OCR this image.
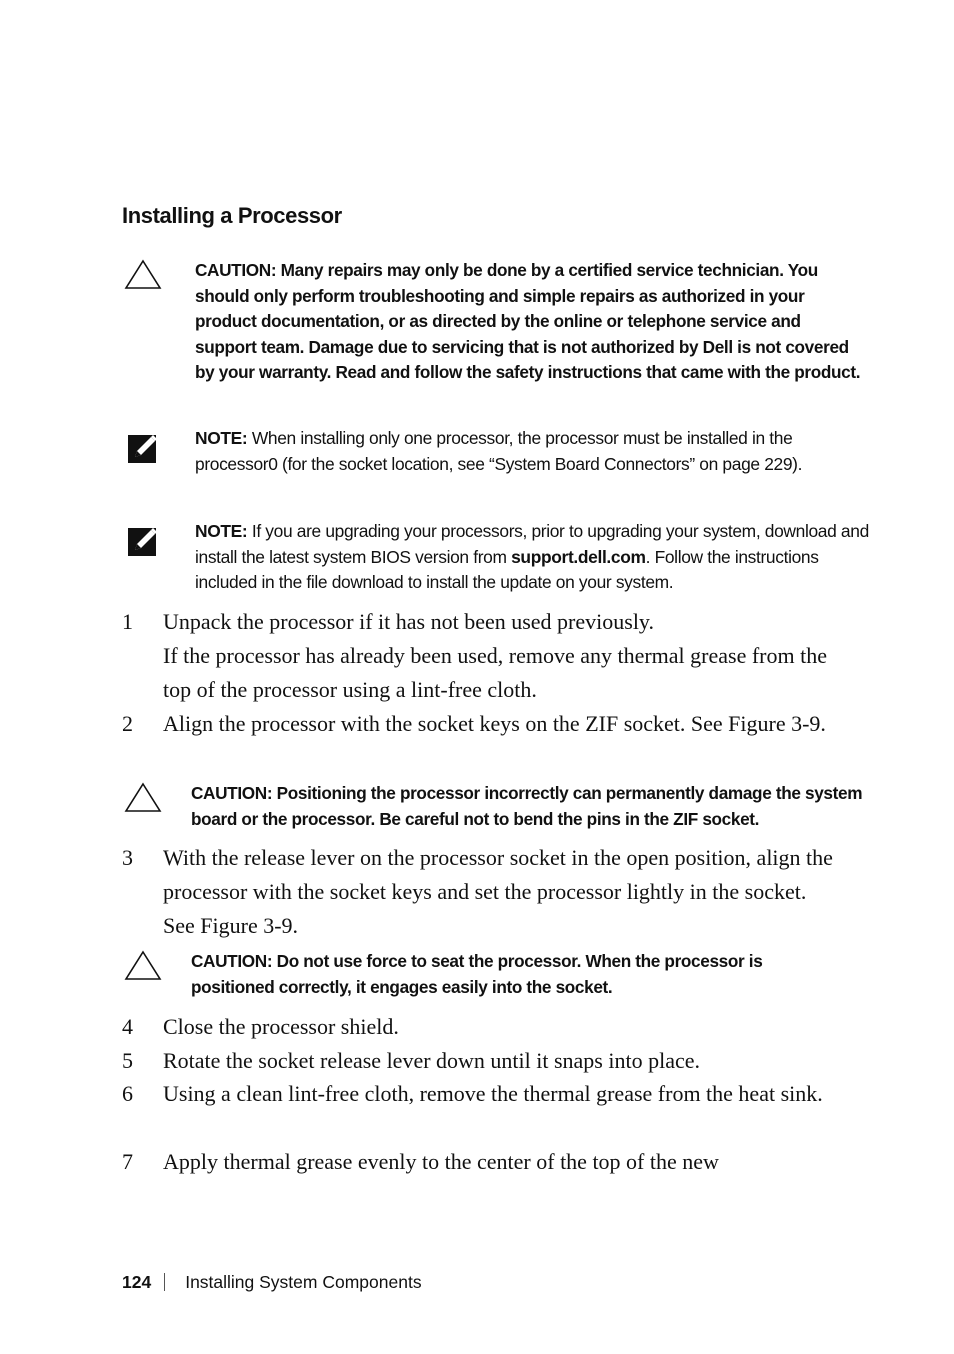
Installing a Processor
CAUTION: Many repairs may only be done by a certified service technician. You should only perform troubleshooting and simple repairs as authorized in your product documentation, or as directed by the online or telephone service and support team. Damage due to servicing that is not authorized by Dell is not covered by your warranty. Read and follow the safety instructions that came with the product.
NOTE: When installing only one processor, the processor must be installed in the processor0 (for the socket location, see “System Board Connectors” on page 229).
NOTE: If you are upgrading your processors, prior to upgrading your system, download and install the latest system BIOS version from support.dell.com. Follow the instructions included in the file download to install the update on your system.
1	Unpack the processor if it has not been used previously.
If the processor has already been used, remove any thermal grease from the top of the processor using a lint-free cloth.
2	Align the processor with the socket keys on the ZIF socket. See Figure 3-9.
CAUTION: Positioning the processor incorrectly can permanently damage the system board or the processor. Be careful not to bend the pins in the ZIF socket.
3	With the release lever on the processor socket in the open position, align the processor with the socket keys and set the processor lightly in the socket. See Figure 3-9.
CAUTION: Do not use force to seat the processor. When the processor is positioned correctly, it engages easily into the socket.
4	Close the processor shield.
5	Rotate the socket release lever down until it snaps into place.
6	Using a clean lint-free cloth, remove the thermal grease from the heat sink.
7	Apply thermal grease evenly to the center of the top of the new
124 Installing System Components
